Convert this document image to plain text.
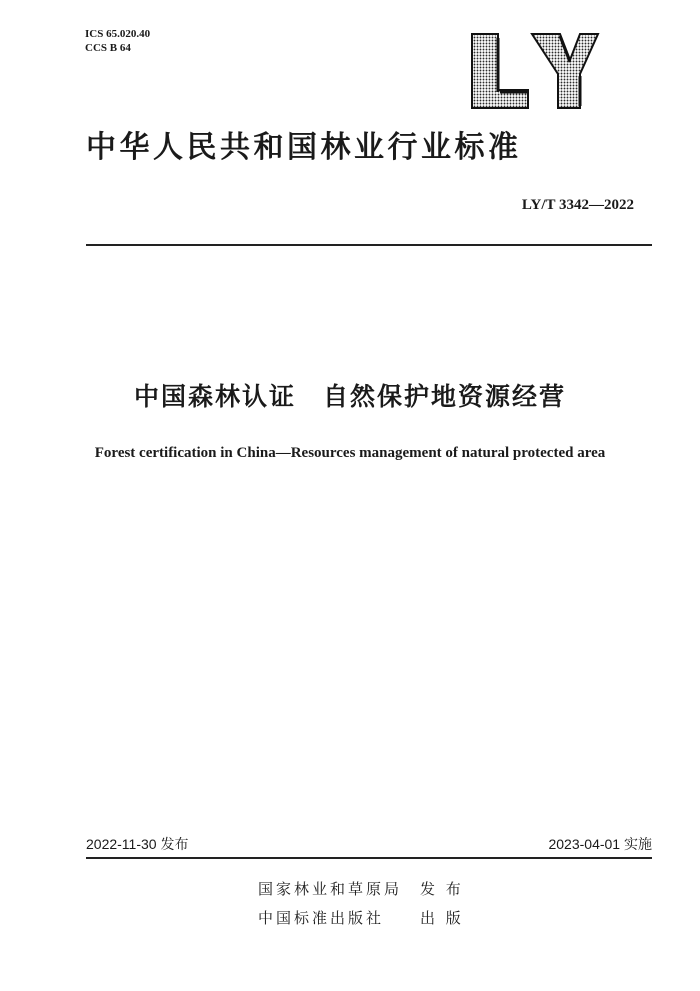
ICS 65.020.40
CCS B 64
中华人民共和国林业行业标准
LY/T 3342—2022
中国森林认证　自然保护地资源经营
Forest certification in China—Resources management of natural protected area
2022-11-30 发布	2023-04-01 实施
国家林业和草原局　发 布
中国标准出版社　　出 版
